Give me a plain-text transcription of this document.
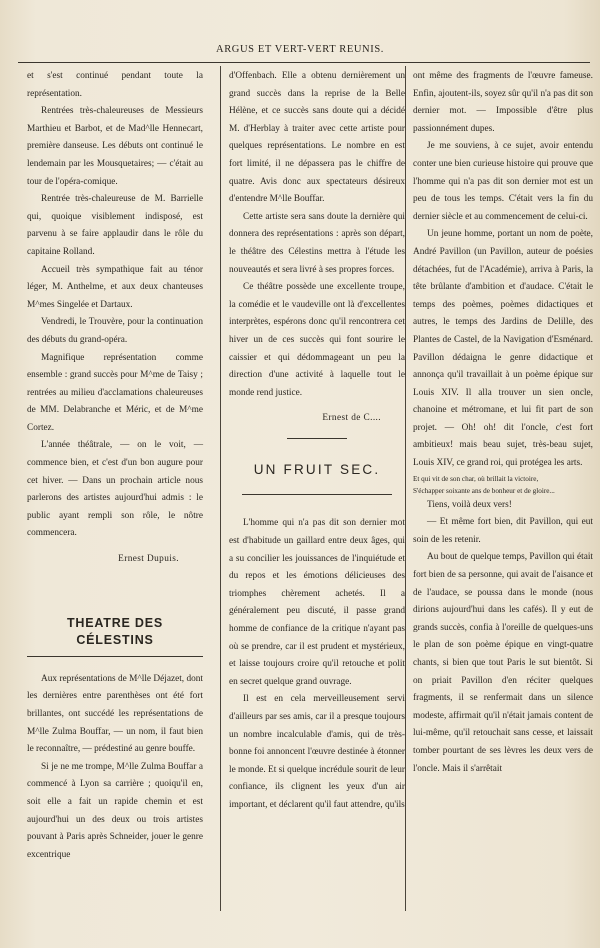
ARGUS ET VERT-VERT REUNIS.

et s'est continué pendant toute la représentation.

Rentrées très-chaleureuses de Messieurs Marthieu et Barbot, et de Mad^lle Hennecart, première danseuse. Les débuts ont continué le lendemain par les Mousquetaires; — c'était au tour de l'opéra-comique.

Rentrée très-chaleureuse de M. Barrielle qui, quoique visiblement indisposé, est parvenu à se faire applaudir dans le rôle du capitaine Rolland.

Accueil très sympathique fait au ténor léger, M. Anthelme, et aux deux chanteuses M^mes Singelée et Dartaux.

Vendredi, le Trouvère, pour la continuation des débuts du grand-opéra.

Magnifique représentation comme ensemble : grand succès pour M^me de Taisy ; rentrées au milieu d'acclamations chaleureuses de MM. Delabranche et Méric, et de M^me Cortez.

L'année théâtrale, — on le voit, — commence bien, et c'est d'un bon augure pour cet hiver. — Dans un prochain article nous parlerons des artistes aujourd'hui admis : le public ayant rempli son rôle, le nôtre commencera.

Ernest Dupuis.

THEATRE DES CÉLESTINS

Aux représentations de M^lle Déjazet, dont les dernières entre parenthèses ont été fort brillantes, ont succédé les représentations de M^lle Zulma Bouffar, — un nom, il faut bien le reconnaître, — prédestiné au genre bouffe.

Si je ne me trompe, M^lle Zulma Bouffar a commencé à Lyon sa carrière ; quoiqu'il en, soit elle a fait un rapide chemin et est aujourd'hui un des deux ou trois artistes pouvant à Paris après Schneider, jouer le genre excentrique

d'Offenbach. Elle a obtenu dernièrement un grand succès dans la reprise de la Belle Hélène, et ce succès sans doute qui a décidé M. d'Herblay à traiter avec cette artiste pour quelques représentations. Le nombre en est fort limité, il ne dépassera pas le chiffre de quatre. Avis donc aux spectateurs désireux d'entendre M^lle Bouffar.

Cette artiste sera sans doute la dernière qui donnera des représentations : après son départ, le théâtre des Célestins mettra à l'étude les nouveautés et sera livré à ses propres forces.

Ce théâtre possède une excellente troupe, la comédie et le vaudeville ont là d'excellentes interprètes, espérons donc qu'il rencontrera cet hiver un de ces succès qui font sourire le caissier et qui dédommageant un peu la direction d'une activité à laquelle tout le monde rend justice.

Ernest de C....

UN FRUIT SEC.

L'homme qui n'a pas dit son dernier mot est d'habitude un gaillard entre deux âges, qui a su concilier les jouissances de l'inquiétude et du repos et les émotions délicieuses des triomphes chèrement achetés. Il a généralement peu discuté, il passe grand homme de confiance de la critique n'ayant pas où se prendre, car il est prudent et mystérieux, et laisse toujours croire qu'il retouche et polit en secret quelque grand ouvrage.

Il est en cela merveilleusement servi d'ailleurs par ses amis, car il a presque toujours un nombre incalculable d'amis, qui de très-bonne foi annoncent l'œuvre destinée à étonner le monde. Et si quelque incrédule sourit de leur confiance, ils clignent les yeux d'un air important, et déclarent qu'il faut attendre, qu'ils

ont même des fragments de l'œuvre fameuse. Enfin, ajoutent-ils, soyez sûr qu'il n'a pas dit son dernier mot. — Impossible d'être plus passionnément dupes.

Je me souviens, à ce sujet, avoir entendu conter une bien curieuse histoire qui prouve que l'homme qui n'a pas dit son dernier mot est un peu de tous les temps. C'était vers la fin du dernier siècle et au commencement de celui-ci.

Un jeune homme, portant un nom de poète, André Pavillon (un Pavillon, auteur de poésies détachées, fut de l'Académie), arriva à Paris, la tête brûlante d'ambition et d'audace. C'était le temps des poèmes, poèmes didactiques et autres, le temps des Jardins de Delille, des Plantes de Castel, de la Navigation d'Esménard. Pavillon dédaigna le genre didactique et annonça qu'il travaillait à un poème épique sur Louis XIV. Il alla trouver un sien oncle, chanoine et métromane, et lui fit part de son projet. — Oh! oh! dit l'oncle, c'est fort ambitieux! mais beau sujet, très-beau sujet, Louis XIV, ce grand roi, qui protégea les arts.

Et qui vit de son char, où brillait la victoire,

S'échapper soixante ans de bonheur et de gloire...

Tiens, voilà deux vers!

— Et même fort bien, dit Pavillon, qui eut soin de les retenir.

Au bout de quelque temps, Pavillon qui était fort bien de sa personne, qui avait de l'aisance et de l'audace, se poussa dans le monde (nous dirions aujourd'hui dans les cafés). Il y eut de grands succès, confia à l'oreille de quelques-uns le plan de son poème épique en vingt-quatre chants, si bien que tout Paris le sut bientôt. Si on priait Pavillon d'en réciter quelques fragments, il se renfermait dans un silence modeste, affirmait qu'il n'était jamais content de lui-même, qu'il retouchait sans cesse, et laissait tomber pourtant de ses lèvres les deux vers de l'oncle. Mais il s'arrêtait
